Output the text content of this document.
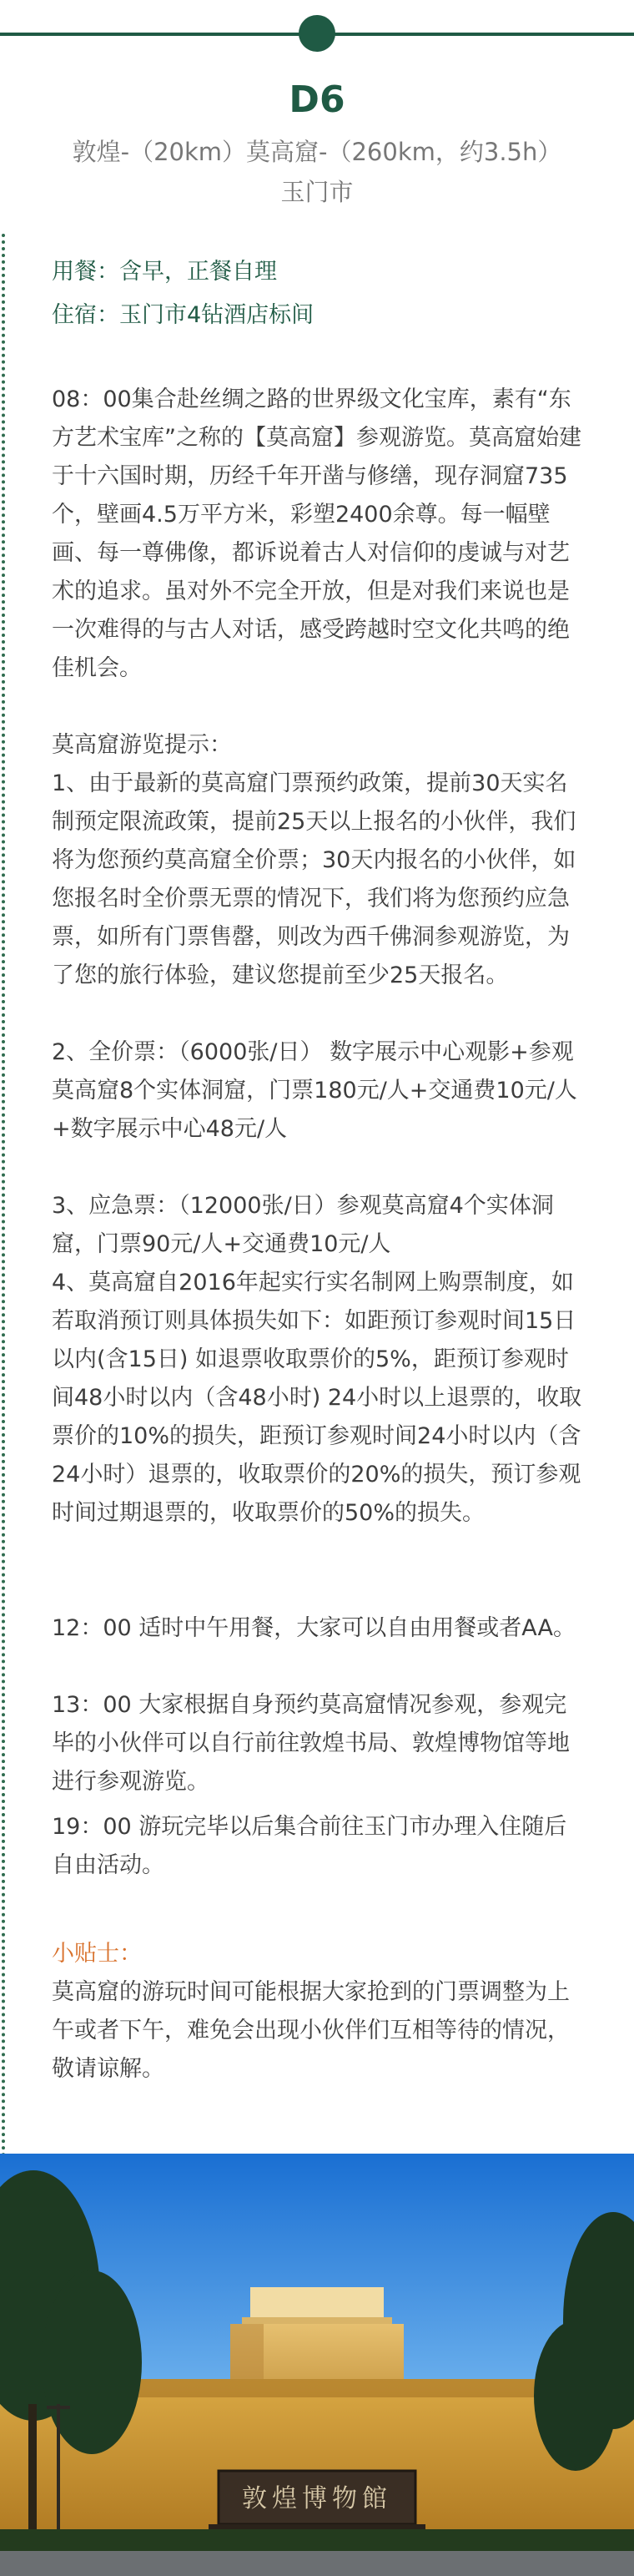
D6
敦煌-（20km）莫高窟-（260km，约3.5h）
玉门市
用餐：含早，正餐自理
住宿：玉门市4钻酒店标间
08：00集合赴丝绸之路的世界级文化宝库，素有“东方艺术宝库”之称的【莫高窟】参观游览。莫高窟始建于十六国时期，历经千年开凿与修缮，现存洞窟735个，壁画4.5万平方米，彩塑2400余尊。每一幅壁画、每一尊佛像，都诉说着古人对信仰的虔诚与对艺术的追求。虽对外不完全开放，但是对我们来说也是一次难得的与古人对话，感受跨越时空文化共鸣的绝佳机会。
莫高窟游览提示：
1、由于最新的莫高窟门票预约政策，提前30天实名制预定限流政策，提前25天以上报名的小伙伴，我们将为您预约莫高窟全价票；30天内报名的小伙伴，如您报名时全价票无票的情况下，我们将为您预约应急票，如所有门票售罄，则改为西千佛洞参观游览，为了您的旅行体验，建议您提前至少25天报名。
2、全价票：（6000张/日） 数字展示中心观影+参观莫高窟8个实体洞窟，门票180元/人+交通费10元/人+数字展示中心48元/人
3、应急票：（12000张/日）参观莫高窟4个实体洞窟，门票90元/人+交通费10元/人
4、莫高窟自2016年起实行实名制网上购票制度，如若取消预订则具体损失如下：如距预订参观时间15日以内(含15日) 如退票收取票价的5%，距预订参观时间48小时以内（含48小时) 24小时以上退票的，收取票价的10%的损失，距预订参观时间24小时以内（含24小时）退票的，收取票价的20%的损失，预订参观时间过期退票的，收取票价的50%的损失。
12：00 适时中午用餐，大家可以自由用餐或者AA。
13：00 大家根据自身预约莫高窟情况参观，参观完毕的小伙伴可以自行前往敦煌书局、敦煌博物馆等地进行参观游览。
19：00 游玩完毕以后集合前往玉门市办理入住随后自由活动。
小贴士：
莫高窟的游玩时间可能根据大家抢到的门票调整为上午或者下午，难免会出现小伙伴们互相等待的情况，敬请谅解。
敦煌博物館
